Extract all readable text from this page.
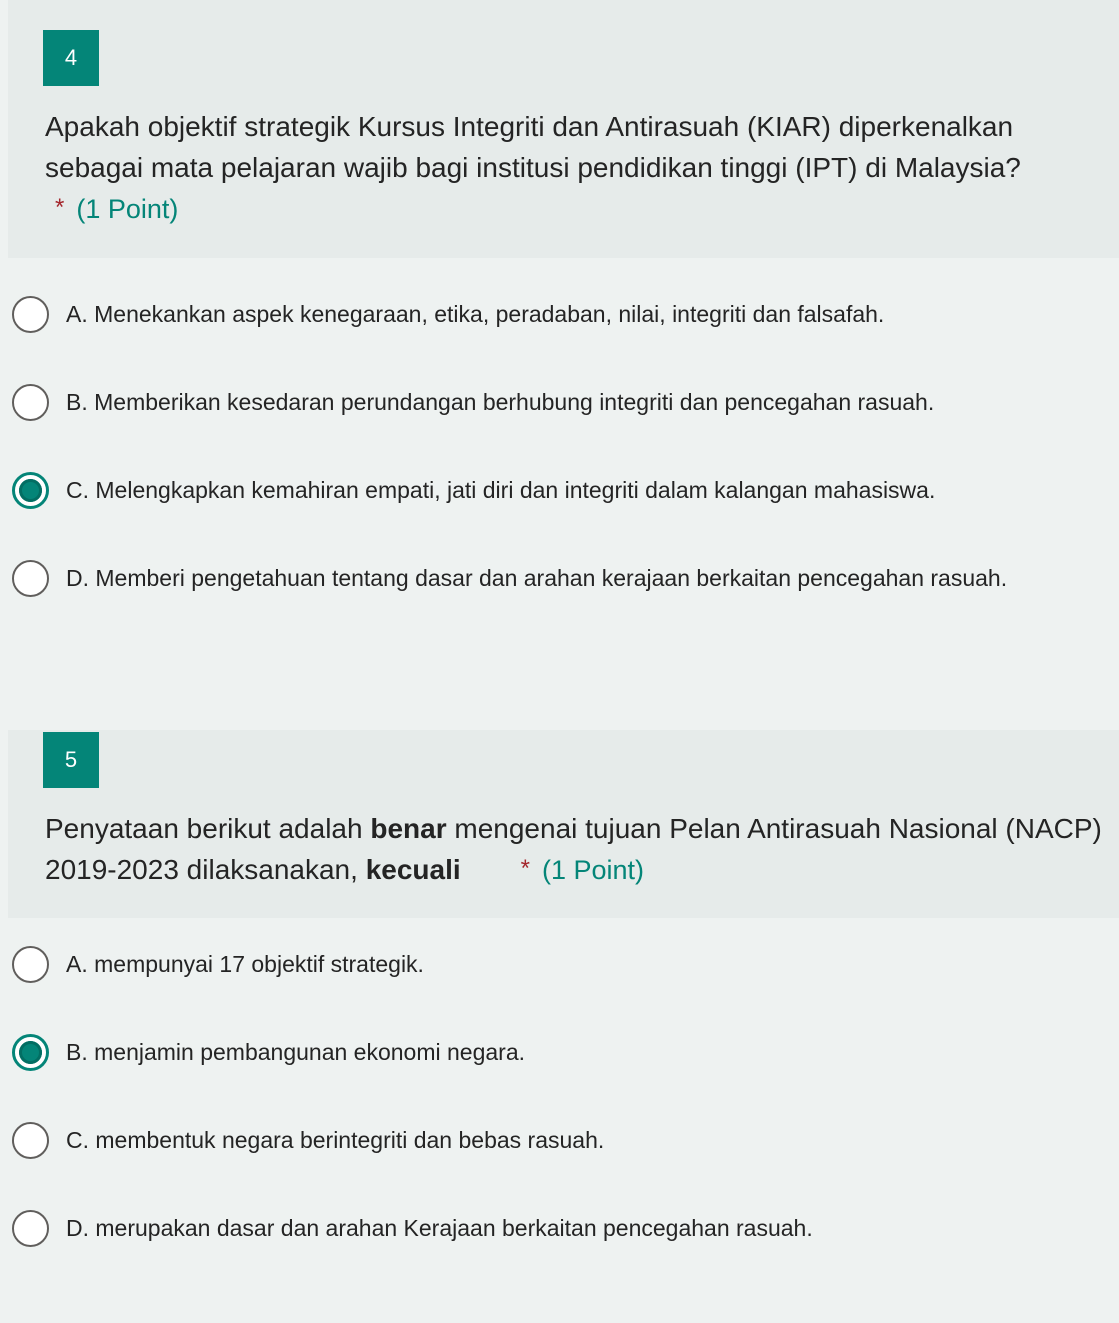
4
Apakah objektif strategik Kursus Integriti dan Antirasuah (KIAR) diperkenalkan sebagai mata pelajaran wajib bagi institusi pendidikan tinggi (IPT) di Malaysia?
* (1 Point)
A. Menekankan aspek kenegaraan, etika, peradaban, nilai, integriti dan falsafah.
B. Memberikan kesedaran perundangan berhubung integriti dan pencegahan rasuah.
C. Melengkapkan kemahiran empati, jati diri dan integriti dalam kalangan mahasiswa.
D. Memberi pengetahuan tentang dasar dan arahan kerajaan berkaitan pencegahan rasuah.
5
Penyataan berikut adalah benar mengenai tujuan Pelan Antirasuah Nasional (NACP) 2019-2023 dilaksanakan, kecuali	* (1 Point)
A. mempunyai 17 objektif strategik.
B. menjamin pembangunan ekonomi negara.
C. membentuk negara berintegriti dan bebas rasuah.
D. merupakan dasar dan arahan Kerajaan berkaitan pencegahan rasuah.
